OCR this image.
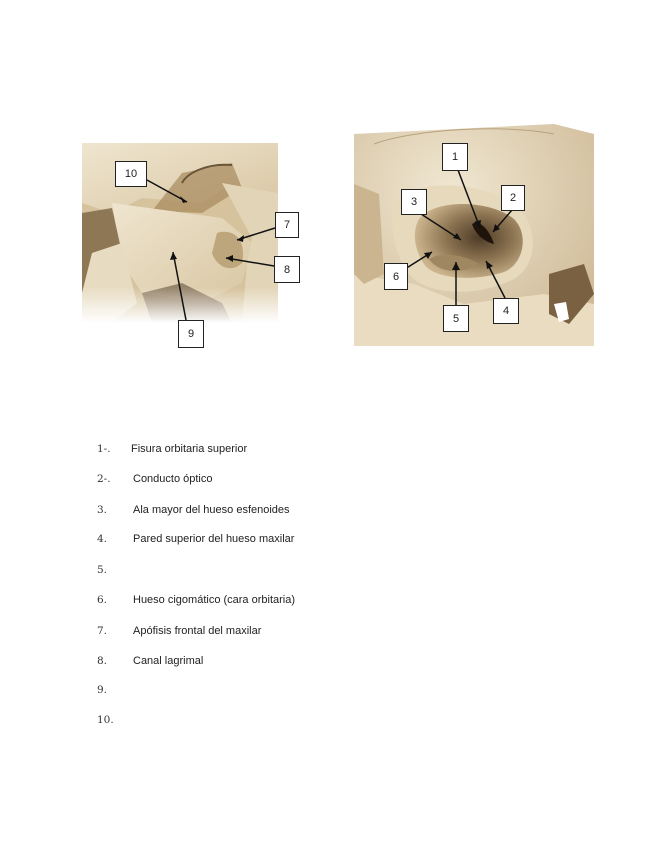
10
7
8
9
1
2
3
6
5
4
1-. Fisura orbitaria superior
2-. Conducto óptico
3. Ala mayor del hueso esfenoides
4. Pared superior del hueso maxilar
5.
6. Hueso cigomático (cara orbitaria)
7. Apófisis frontal del maxilar
8. Canal lagrimal
9.
10.
